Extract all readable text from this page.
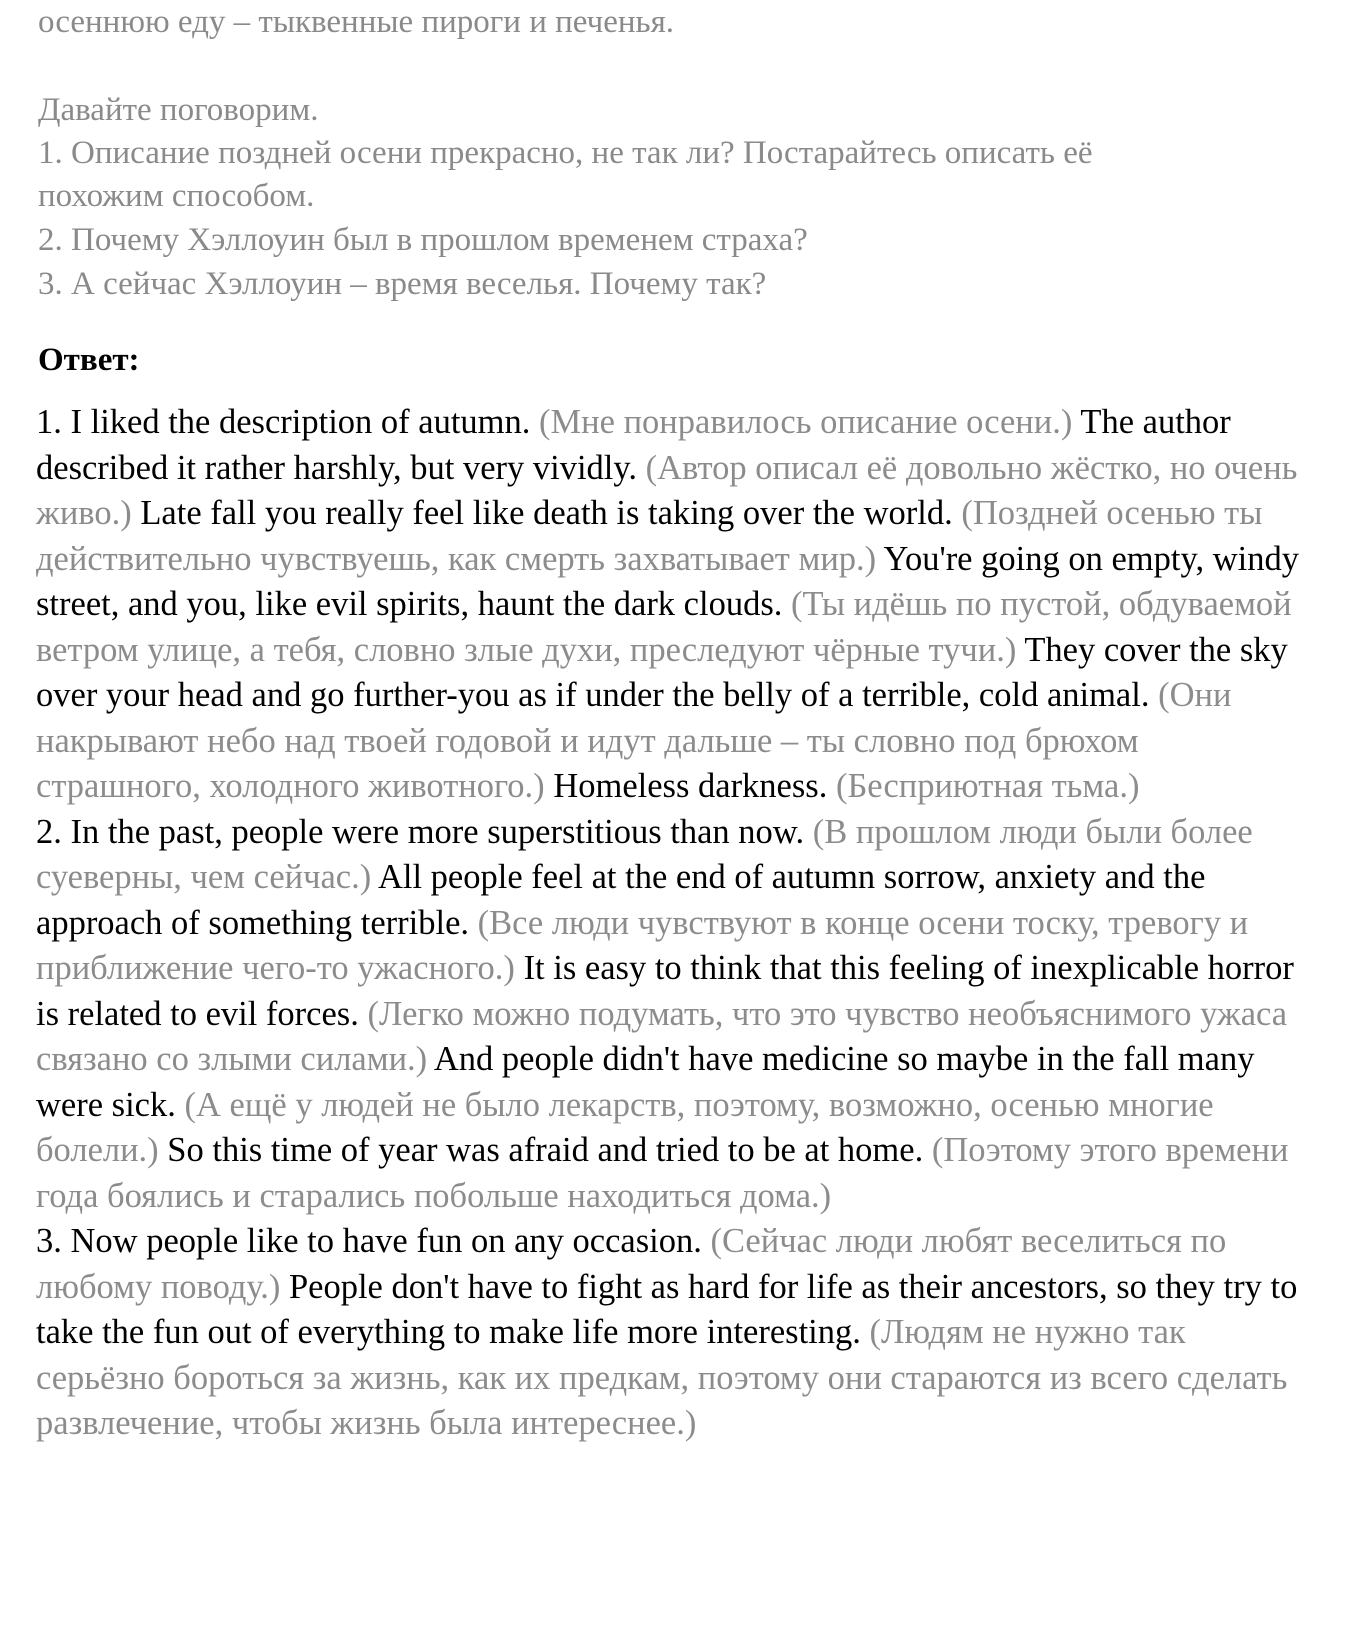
осеннюю еду – тыквенные пироги и печенья.
Давайте поговорим.
1. Описание поздней осени прекрасно, не так ли? Постарайтесь описать её
похожим способом.
2. Почему Хэллоуин был в прошлом временем страха?
3. А сейчас Хэллоуин – время веселья. Почему так?
Ответ:

1. I liked the description of autumn. (Мне понравилось описание осени.) The author described it rather harshly, but very vividly. (Автор описал её довольно жёстко, но очень живо.) Late fall you really feel like death is taking over the world. (Поздней осенью ты действительно чувствуешь, как смерть захватывает мир.) You're going on empty, windy street, and you, like evil spirits, haunt the dark clouds. (Ты идёшь по пустой, обдуваемой ветром улице, а тебя, словно злые духи, преследуют чёрные тучи.) They cover the sky over your head and go further-you as if under the belly of a terrible, cold animal. (Они накрывают небо над твоей годовой и идут дальше – ты словно под брюхом страшного, холодного животного.) Homeless darkness. (Бесприютная тьма.)

2. In the past, people were more superstitious than now. (В прошлом люди были более суеверны, чем сейчас.) All people feel at the end of autumn sorrow, anxiety and the approach of something terrible. (Все люди чувствуют в конце осени тоску, тревогу и приближение чего-то ужасного.) It is easy to think that this feeling of inexplicable horror is related to evil forces. (Легко можно подумать, что это чувство необъяснимого ужаса связано со злыми силами.) And people didn't have medicine so maybe in the fall many were sick. (А ещё у людей не было лекарств, поэтому, возможно, осенью многие болели.) So this time of year was afraid and tried to be at home. (Поэтому этого времени года боялись и старались побольше находиться дома.)

3. Now people like to have fun on any occasion. (Сейчас люди любят веселиться по любому поводу.) People don't have to fight as hard for life as their ancestors, so they try to take the fun out of everything to make life more interesting. (Людям не нужно так серьёзно бороться за жизнь, как их предкам, поэтому они стараются из всего сделать развлечение, чтобы жизнь была интереснее.)
